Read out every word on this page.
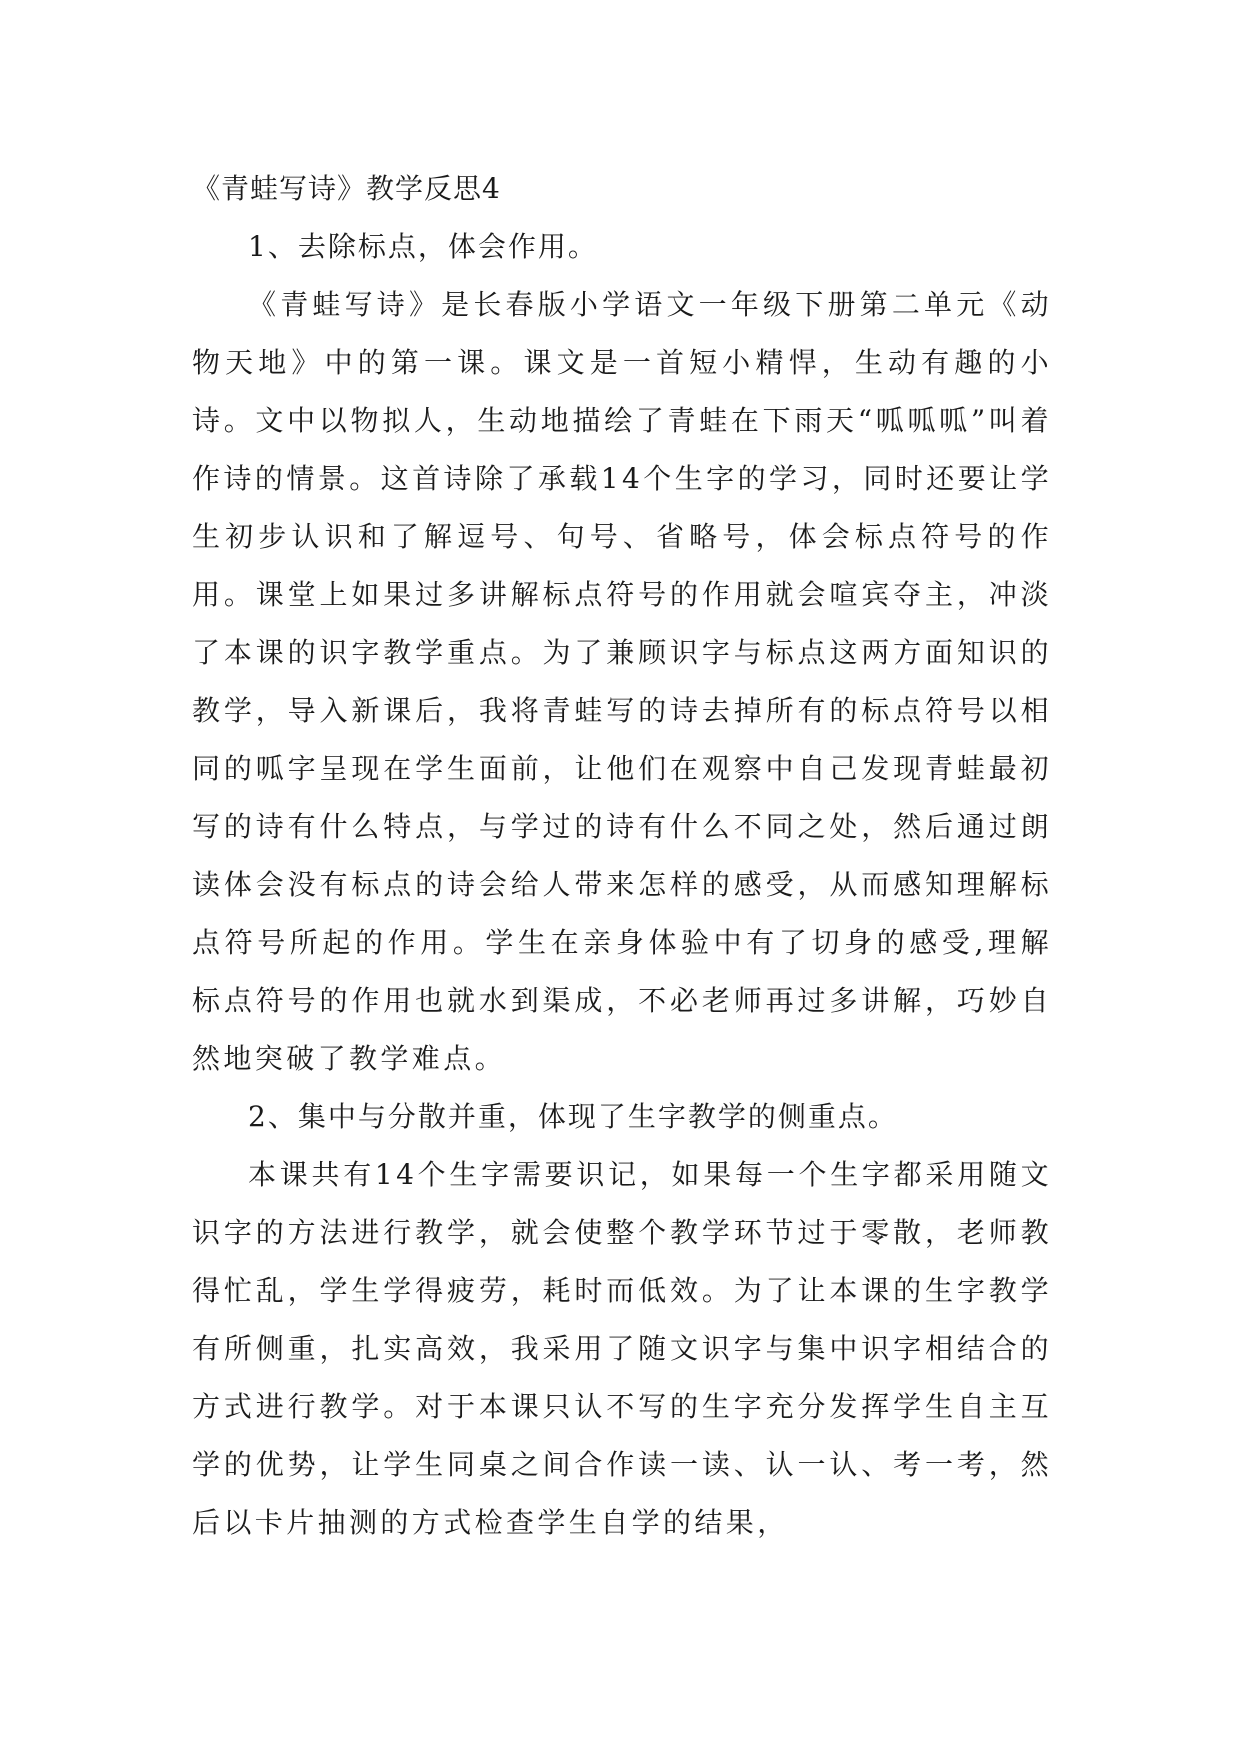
《青蛙写诗》教学反思4

1、去除标点，体会作用。

《青蛙写诗》是长春版小学语文一年级下册第二单元《动物天地》中的第一课。课文是一首短小精悍，生动有趣的小诗。文中以物拟人，生动地描绘了青蛙在下雨天“呱呱呱”叫着作诗的情景。这首诗除了承载14个生字的学习，同时还要让学生初步认识和了解逗号、句号、省略号，体会标点符号的作用。课堂上如果过多讲解标点符号的作用就会喧宾夺主，冲淡了本课的识字教学重点。为了兼顾识字与标点这两方面知识的教学，导入新课后，我将青蛙写的诗去掉所有的标点符号以相同的呱字呈现在学生面前，让他们在观察中自己发现青蛙最初写的诗有什么特点，与学过的诗有什么不同之处，然后通过朗读体会没有标点的诗会给人带来怎样的感受，从而感知理解标点符号所起的作用。学生在亲身体验中有了切身的感受,理解标点符号的作用也就水到渠成，不必老师再过多讲解，巧妙自然地突破了教学难点。

2、集中与分散并重，体现了生字教学的侧重点。

本课共有14个生字需要识记，如果每一个生字都采用随文识字的方法进行教学，就会使整个教学环节过于零散，老师教得忙乱，学生学得疲劳，耗时而低效。为了让本课的生字教学有所侧重，扎实高效，我采用了随文识字与集中识字相结合的方式进行教学。对于本课只认不写的生字充分发挥学生自主互学的优势，让学生同桌之间合作读一读、认一认、考一考，然后以卡片抽测的方式检查学生自学的结果，
